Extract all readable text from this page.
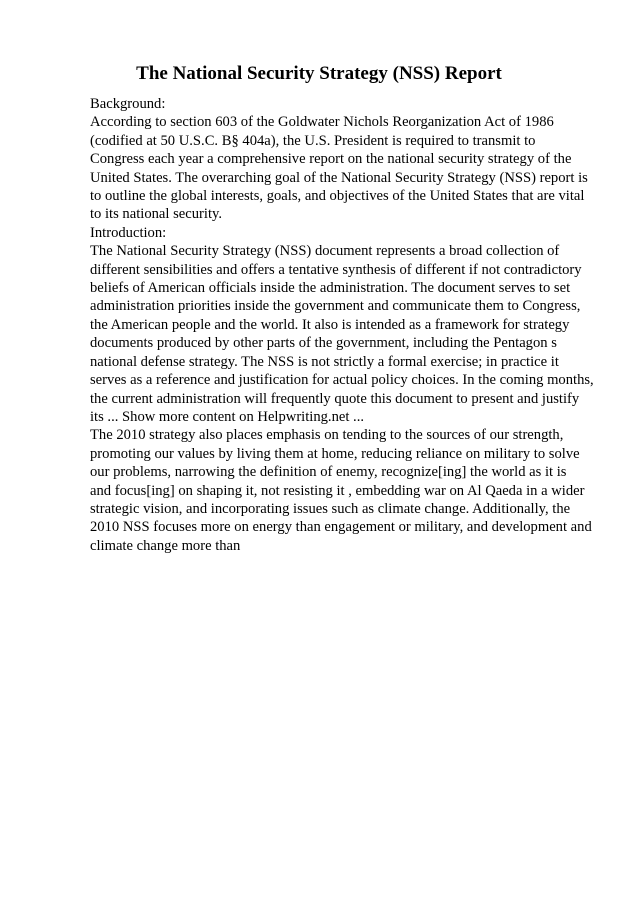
The National Security Strategy (NSS) Report

Background:

According to section 603 of the Goldwater Nichols Reorganization Act of 1986

(codified at 50 U.S.C. B§ 404a), the U.S. President is required to transmit to

Congress each year a comprehensive report on the national security strategy of the

United States. The overarching goal of the National Security Strategy (NSS) report is

to outline the global interests, goals, and objectives of the United States that are vital

to its national security.

Introduction:

The National Security Strategy (NSS) document represents a broad collection of

different sensibilities and offers a tentative synthesis of different if not contradictory

beliefs of American officials inside the administration. The document serves to set

administration priorities inside the government and communicate them to Congress,

the American people and the world. It also is intended as a framework for strategy

documents produced by other parts of the government, including the Pentagon s

national defense strategy. The NSS is not strictly a formal exercise; in practice it

serves as a reference and justification for actual policy choices. In the coming months,

the current administration will frequently quote this document to present and justify

its ... Show more content on Helpwriting.net ...

The 2010 strategy also places emphasis on tending to the sources of our strength,

promoting our values by living them at home, reducing reliance on military to solve

our problems, narrowing the definition of enemy, recognize[ing] the world as it is

and focus[ing] on shaping it, not resisting it , embedding war on Al Qaeda in a wider

strategic vision, and incorporating issues such as climate change. Additionally, the

2010 NSS focuses more on energy than engagement or military, and development and

climate change more than
